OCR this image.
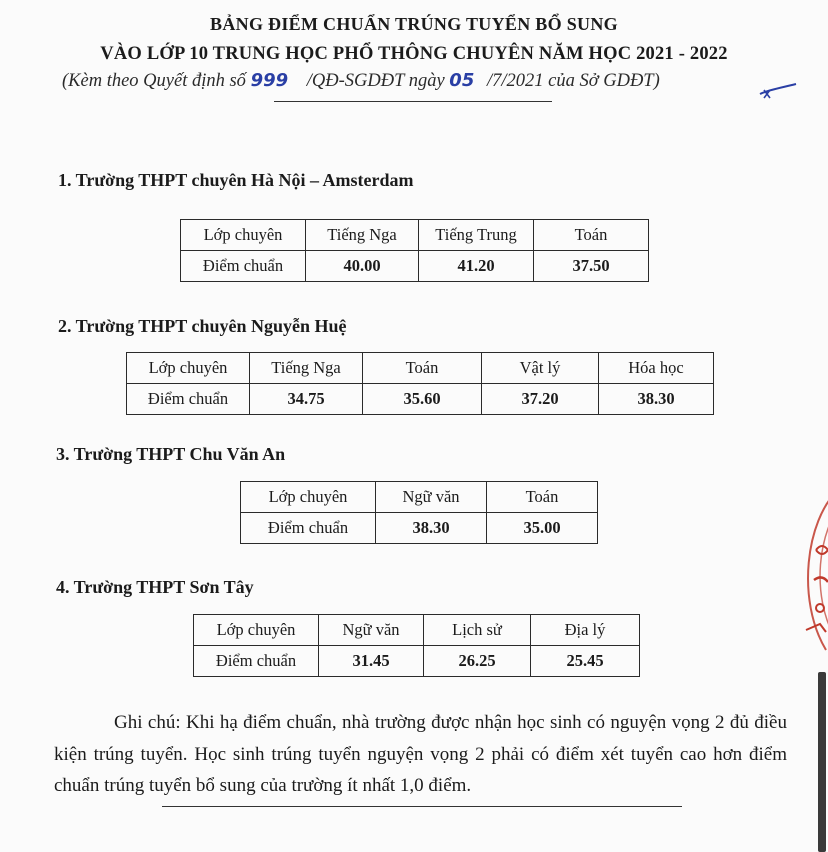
BẢNG ĐIỂM CHUẨN TRÚNG TUYỂN BỔ SUNG
VÀO LỚP 10 TRUNG HỌC PHỔ THÔNG CHUYÊN NĂM HỌC 2021 - 2022
(Kèm theo Quyết định số 999 /QĐ-SGDĐT ngày 05 /7/2021 của Sở GDĐT)
1. Trường THPT chuyên Hà Nội – Amsterdam
Lớp chuyên	Tiếng Nga	Tiếng Trung	Toán
Điểm chuẩn	40.00	41.20	37.50
2. Trường THPT chuyên Nguyễn Huệ
Lớp chuyên	Tiếng Nga	Toán	Vật lý	Hóa học
Điểm chuẩn	34.75	35.60	37.20	38.30
3. Trường THPT Chu Văn An
Lớp chuyên	Ngữ văn	Toán
Điểm chuẩn	38.30	35.00
4. Trường THPT Sơn Tây
Lớp chuyên	Ngữ văn	Lịch sử	Địa lý
Điểm chuẩn	31.45	26.25	25.45

Ghi chú: Khi hạ điểm chuẩn, nhà trường được nhận học sinh có nguyện vọng 2 đủ điều kiện trúng tuyển. Học sinh trúng tuyển nguyện vọng 2 phải có điểm xét tuyển cao hơn điểm chuẩn trúng tuyển bổ sung của trường ít nhất 1,0 điểm.
